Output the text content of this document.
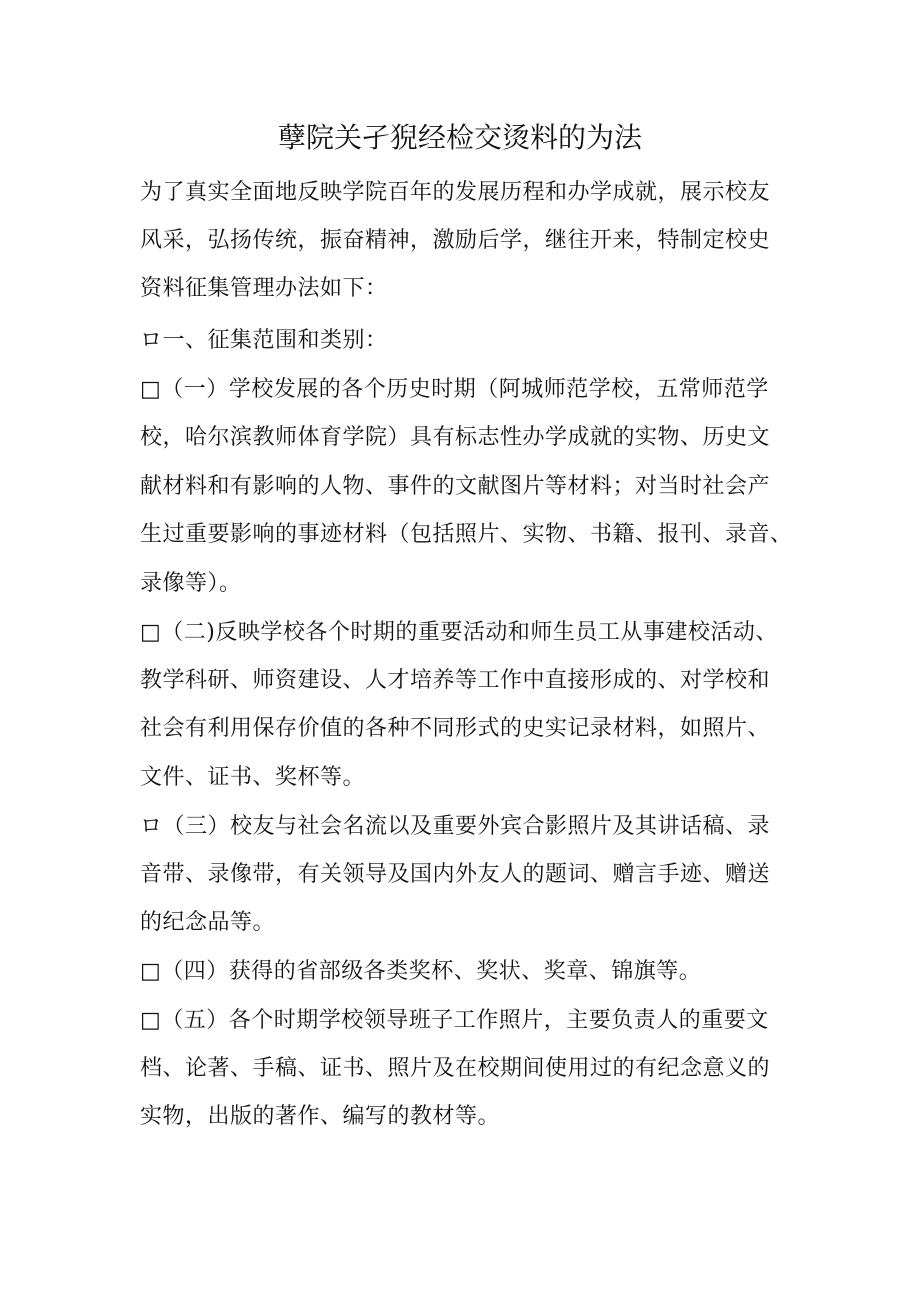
孽院关孑猊经检交烫料的为法
为了真实全面地反映学院百年的发展历程和办学成就，展示校友
风采，弘扬传统，振奋精神，激励后学，继往开来，特制定校史
资料征集管理办法如下：
ロ一、征集范围和类别：
□（一）学校发展的各个历史时期（阿城师范学校，五常师范学
校，哈尔滨教师体育学院）具有标志性办学成就的实物、历史文
献材料和有影响的人物、事件的文献图片等材料；对当时社会产
生过重要影响的事迹材料（包括照片、实物、书籍、报刊、录音、
录像等）。
□（二)反映学校各个时期的重要活动和师生员工从事建校活动、
教学科研、师资建设、人才培养等工作中直接形成的、对学校和
社会有利用保存价值的各种不同形式的史实记录材料，如照片、
文件、证书、奖杯等。
ロ（三）校友与社会名流以及重要外宾合影照片及其讲话稿、录
音带、录像带，有关领导及国内外友人的题词、赠言手迹、赠送
的纪念品等。
□（四）获得的省部级各类奖杯、奖状、奖章、锦旗等。
□（五）各个时期学校领导班子工作照片，主要负责人的重要文
档、论著、手稿、证书、照片及在校期间使用过的有纪念意义的
实物，出版的著作、编写的教材等。
